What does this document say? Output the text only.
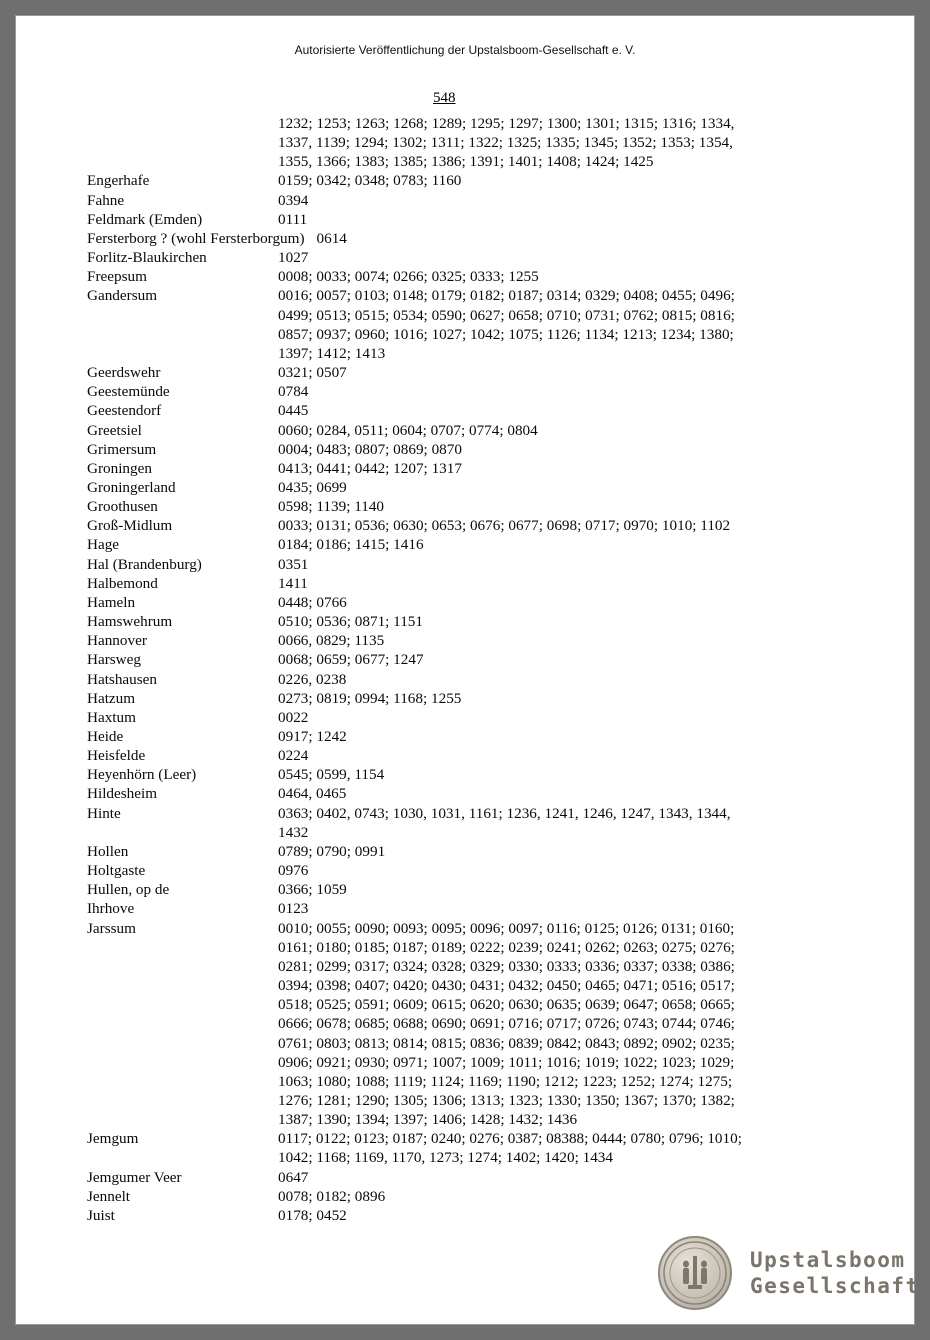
Autorisierte Veröffentlichung der Upstalsboom-Gesellschaft e. V.
548
1232; 1253; 1263; 1268; 1289; 1295; 1297; 1300; 1301; 1315; 1316; 1334,
1337, 1139; 1294; 1302; 1311; 1322; 1325; 1335; 1345; 1352; 1353; 1354,
1355, 1366; 1383; 1385; 1386; 1391; 1401; 1408; 1424; 1425
Engerhafe	0159; 0342; 0348; 0783; 1160
Fahne	0394
Feldmark (Emden)	0111
Fersterborg ? (wohl Fersterborgum) 0614
Forlitz-Blaukirchen	1027
Freepsum	0008; 0033; 0074; 0266; 0325; 0333; 1255
Gandersum	0016; 0057; 0103; 0148; 0179; 0182; 0187; 0314; 0329; 0408; 0455; 0496;
0499; 0513; 0515; 0534; 0590; 0627; 0658; 0710; 0731; 0762; 0815; 0816;
0857; 0937; 0960; 1016; 1027; 1042; 1075; 1126; 1134; 1213; 1234; 1380;
1397; 1412; 1413
Geerdswehr	0321; 0507
Geestemünde	0784
Geestendorf	0445
Greetsiel	0060; 0284, 0511; 0604; 0707; 0774; 0804
Grimersum	0004; 0483; 0807; 0869; 0870
Groningen	0413; 0441; 0442; 1207; 1317
Groningerland	0435; 0699
Groothusen	0598; 1139; 1140
Groß-Midlum	0033; 0131; 0536; 0630; 0653; 0676; 0677; 0698; 0717; 0970; 1010; 1102
Hage	0184; 0186; 1415; 1416
Hal (Brandenburg)	0351
Halbemond	1411
Hameln	0448; 0766
Hamswehrum	0510; 0536; 0871; 1151
Hannover	0066, 0829; 1135
Harsweg	0068; 0659; 0677; 1247
Hatshausen	0226, 0238
Hatzum	0273; 0819; 0994; 1168; 1255
Haxtum	0022
Heide	0917; 1242
Heisfelde	0224
Heyenhörn (Leer)	0545; 0599, 1154
Hildesheim	0464, 0465
Hinte	0363; 0402, 0743; 1030, 1031, 1161; 1236, 1241, 1246, 1247, 1343, 1344,
1432
Hollen	0789; 0790; 0991
Holtgaste	0976
Hullen, op de	0366; 1059
Ihrhove	0123
Jarssum	0010; 0055; 0090; 0093; 0095; 0096; 0097; 0116; 0125; 0126; 0131; 0160;
0161; 0180; 0185; 0187; 0189; 0222; 0239; 0241; 0262; 0263; 0275; 0276;
0281; 0299; 0317; 0324; 0328; 0329; 0330; 0333; 0336; 0337; 0338; 0386;
0394; 0398; 0407; 0420; 0430; 0431; 0432; 0450; 0465; 0471; 0516; 0517;
0518; 0525; 0591; 0609; 0615; 0620; 0630; 0635; 0639; 0647; 0658; 0665;
0666; 0678; 0685; 0688; 0690; 0691; 0716; 0717; 0726; 0743; 0744; 0746;
0761; 0803; 0813; 0814; 0815; 0836; 0839; 0842; 0843; 0892; 0902; 0235;
0906; 0921; 0930; 0971; 1007; 1009; 1011; 1016; 1019; 1022; 1023; 1029;
1063; 1080; 1088; 1119; 1124; 1169; 1190; 1212; 1223; 1252; 1274; 1275;
1276; 1281; 1290; 1305; 1306; 1313; 1323; 1330; 1350; 1367; 1370; 1382;
1387; 1390; 1394; 1397; 1406; 1428; 1432; 1436
Jemgum	0117; 0122; 0123; 0187; 0240; 0276; 0387; 08388; 0444; 0780; 0796; 1010;
1042; 1168; 1169, 1170, 1273; 1274; 1402; 1420; 1434
Jemgumer Veer	0647
Jennelt	0078; 0182; 0896
Juist	0178; 0452
Upstalsboom
Gesellschaft
